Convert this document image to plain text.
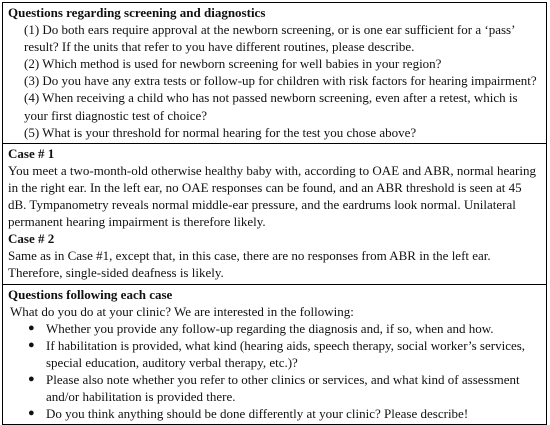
Questions regarding screening and diagnostics
(1) Do both ears require approval at the newborn screening, or is one ear sufficient for a ‘pass’ result? If the units that refer to you have different routines, please describe.
(2) Which method is used for newborn screening for well babies in your region?
(3) Do you have any extra tests or follow-up for children with risk factors for hearing impairment?
(4) When receiving a child who has not passed newborn screening, even after a retest, which is your first diagnostic test of choice?
(5) What is your threshold for normal hearing for the test you chose above?

Case # 1
You meet a two-month-old otherwise healthy baby with, according to OAE and ABR, normal hearing in the right ear. In the left ear, no OAE responses can be found, and an ABR threshold is seen at 45 dB. Tympanometry reveals normal middle-ear pressure, and the eardrums look normal. Unilateral permanent hearing impairment is therefore likely.
Case # 2
Same as in Case #1, except that, in this case, there are no responses from ABR in the left ear. Therefore, single-sided deafness is likely.

Questions following each case
What do you do at your clinic? We are interested in the following:
● Whether you provide any follow-up regarding the diagnosis and, if so, when and how.
● If habilitation is provided, what kind (hearing aids, speech therapy, social worker’s services, special education, auditory verbal therapy, etc.)?
● Please also note whether you refer to other clinics or services, and what kind of assessment and/or habilitation is provided there.
● Do you think anything should be done differently at your clinic? Please describe!
